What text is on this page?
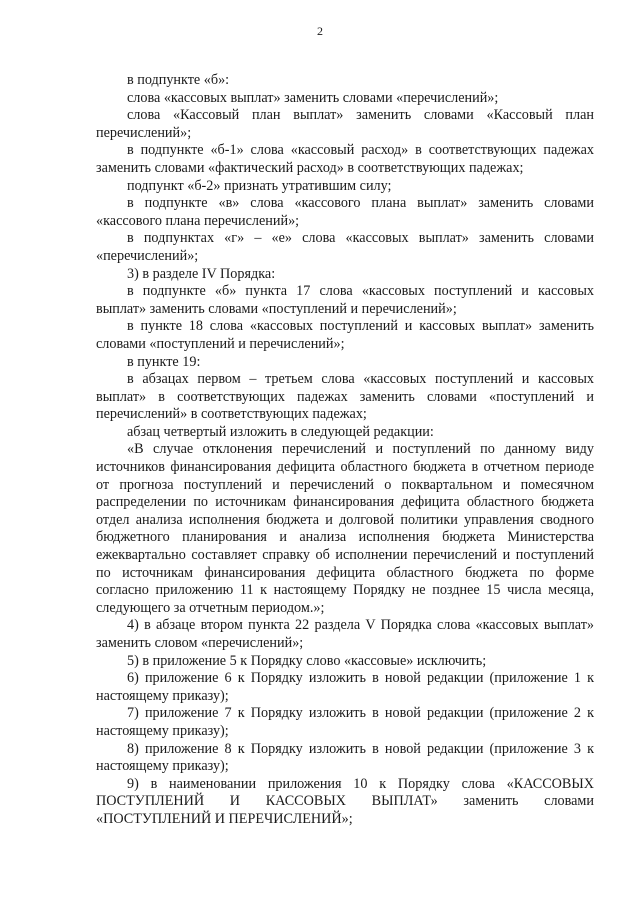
2

в подпункте «б»:

слова «кассовых выплат» заменить словами «перечислений»;

слова «Кассовый план выплат» заменить словами «Кассовый план перечислений»;

в подпункте «б-1» слова «кассовый расход» в соответствующих падежах заменить словами «фактический расход» в соответствующих падежах;

подпункт «б-2» признать утратившим силу;

в подпункте «в» слова «кассового плана выплат» заменить словами «кассового плана перечислений»;

в подпунктах «г» – «е» слова «кассовых выплат» заменить словами «перечислений»;

3) в разделе IV Порядка:

в подпункте «б» пункта 17 слова «кассовых поступлений и кассовых выплат» заменить словами «поступлений и перечислений»;

в пункте 18 слова «кассовых поступлений и кассовых выплат» заменить словами «поступлений и перечислений»;

в пункте 19:

в абзацах первом – третьем слова «кассовых поступлений и кассовых выплат» в соответствующих падежах заменить словами «поступлений и перечислений» в соответствующих падежах;

абзац четвертый изложить в следующей редакции:

«В случае отклонения перечислений и поступлений по данному виду источников финансирования дефицита областного бюджета в отчетном периоде от прогноза поступлений и перечислений о поквартальном и помесячном распределении по источникам финансирования дефицита областного бюджета отдел анализа исполнения бюджета и долговой политики управления сводного бюджетного планирования и анализа исполнения бюджета Министерства ежеквартально составляет справку об исполнении перечислений и поступлений по источникам финансирования дефицита областного бюджета по форме согласно приложению 11 к настоящему Порядку не позднее 15 числа месяца, следующего за отчетным периодом.»;

4) в абзаце втором пункта 22 раздела V Порядка слова «кассовых выплат» заменить словом «перечислений»;

5) в приложение 5 к Порядку слово «кассовые» исключить;

6) приложение 6 к Порядку изложить в новой редакции (приложение 1 к настоящему приказу);

7) приложение 7 к Порядку изложить в новой редакции (приложение 2 к настоящему приказу);

8) приложение 8 к Порядку изложить в новой редакции (приложение 3 к настоящему приказу);

9) в наименовании приложения 10 к Порядку слова «КАССОВЫХ ПОСТУПЛЕНИЙ И КАССОВЫХ ВЫПЛАТ» заменить словами «ПОСТУПЛЕНИЙ И ПЕРЕЧИСЛЕНИЙ»;
